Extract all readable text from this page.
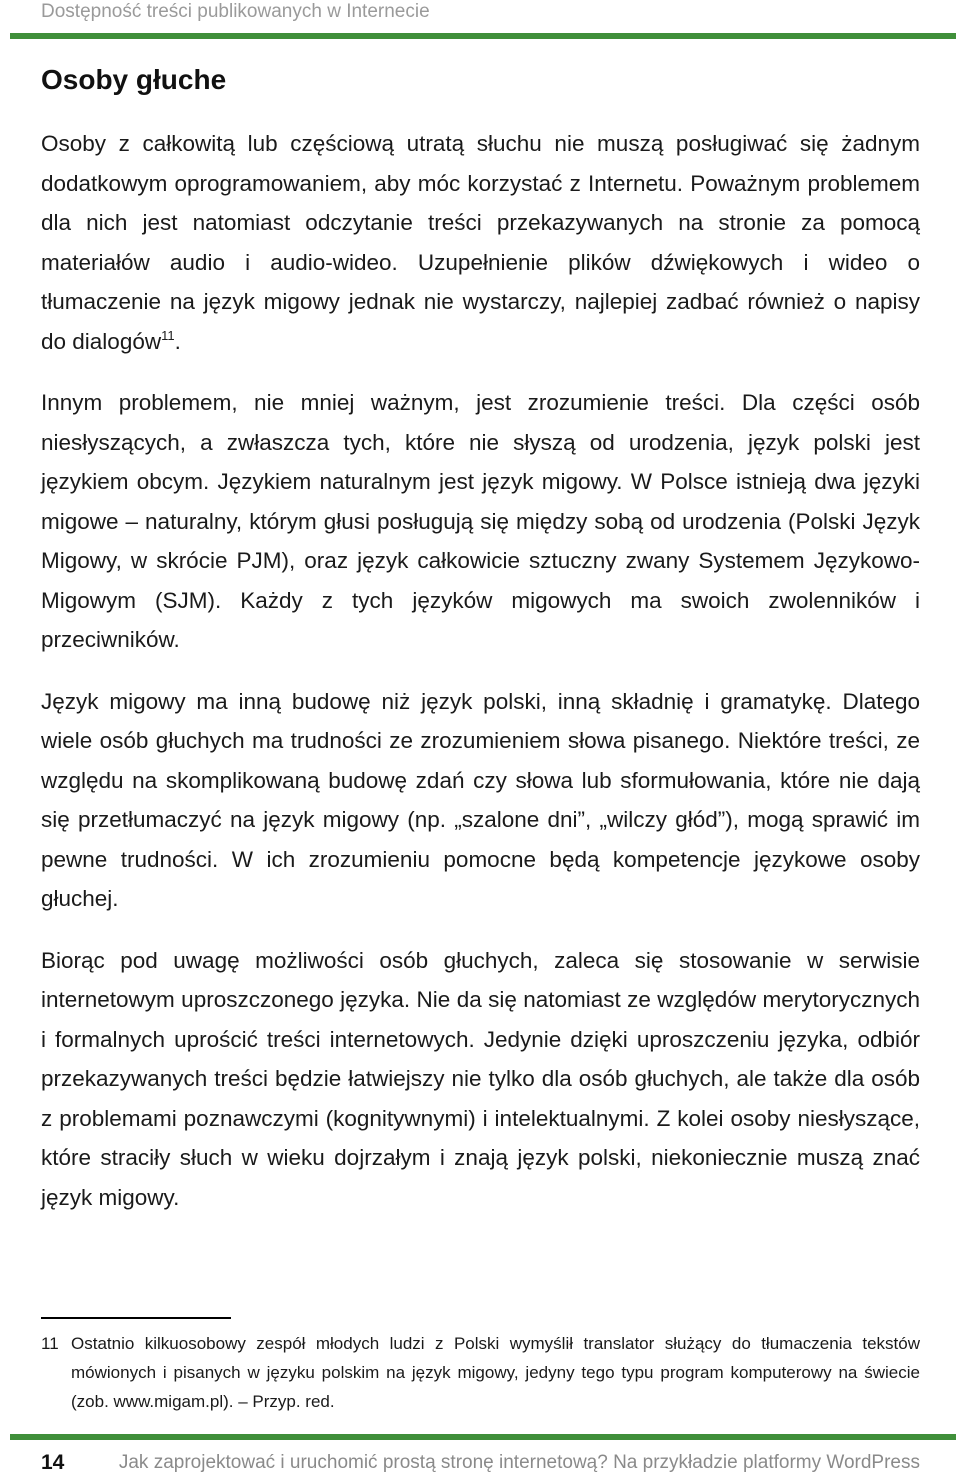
Dostępność treści publikowanych w Internecie
Osoby głuche

Osoby z całkowitą lub częściową utratą słuchu nie muszą posługiwać się żadnym dodatkowym oprogramowaniem, aby móc korzystać z Internetu. Poważnym problemem dla nich jest natomiast odczytanie treści przekazywanych na stronie za pomocą materiałów audio i audio-wideo. Uzupełnienie plików dźwiękowych i wideo o tłumaczenie na język migowy jednak nie wystarczy, najlepiej zadbać również o napisy do dialogów$^{11}$.

Innym problemem, nie mniej ważnym, jest zrozumienie treści. Dla części osób niesłyszących, a zwłaszcza tych, które nie słyszą od urodzenia, język polski jest językiem obcym. Językiem naturalnym jest język migowy. W Polsce istnieją dwa języki migowe – naturalny, którym głusi posługują się między sobą od urodzenia (Polski Język Migowy, w skrócie PJM), oraz język całkowicie sztuczny zwany Systemem Językowo-Migowym (SJM). Każdy z tych języków migowych ma swoich zwolenników i przeciwników.

Język migowy ma inną budowę niż język polski, inną składnię i gramatykę. Dlatego wiele osób głuchych ma trudności ze zrozumieniem słowa pisanego. Niektóre treści, ze względu na skomplikowaną budowę zdań czy słowa lub sformułowania, które nie dają się przetłumaczyć na język migowy (np. „szalone dni”, „wilczy głód”), mogą sprawić im pewne trudności. W ich zrozumieniu pomocne będą kompetencje językowe osoby głuchej.

Biorąc pod uwagę możliwości osób głuchych, zaleca się stosowanie w serwisie internetowym uproszczonego języka. Nie da się natomiast ze względów merytorycznych i formalnych uprościć treści internetowych. Jedynie dzięki uproszczeniu języka, odbiór przekazywanych treści będzie łatwiejszy nie tylko dla osób głuchych, ale także dla osób z problemami poznawczymi (kognitywnymi) i intelektualnymi. Z kolei osoby niesłyszące, które straciły słuch w wieku dojrzałym i znają język polski, niekoniecznie muszą znać język migowy.

11 Ostatnio kilkuosobowy zespół młodych ludzi z Polski wymyślił translator służący do tłumaczenia tekstów mówionych i pisanych w języku polskim na język migowy, jedyny tego typu program komputerowy na świecie (zob. www.migam.pl). – Przyp. red.
14	Jak zaprojektować i uruchomić prostą stronę internetową? Na przykładzie platformy WordPress
